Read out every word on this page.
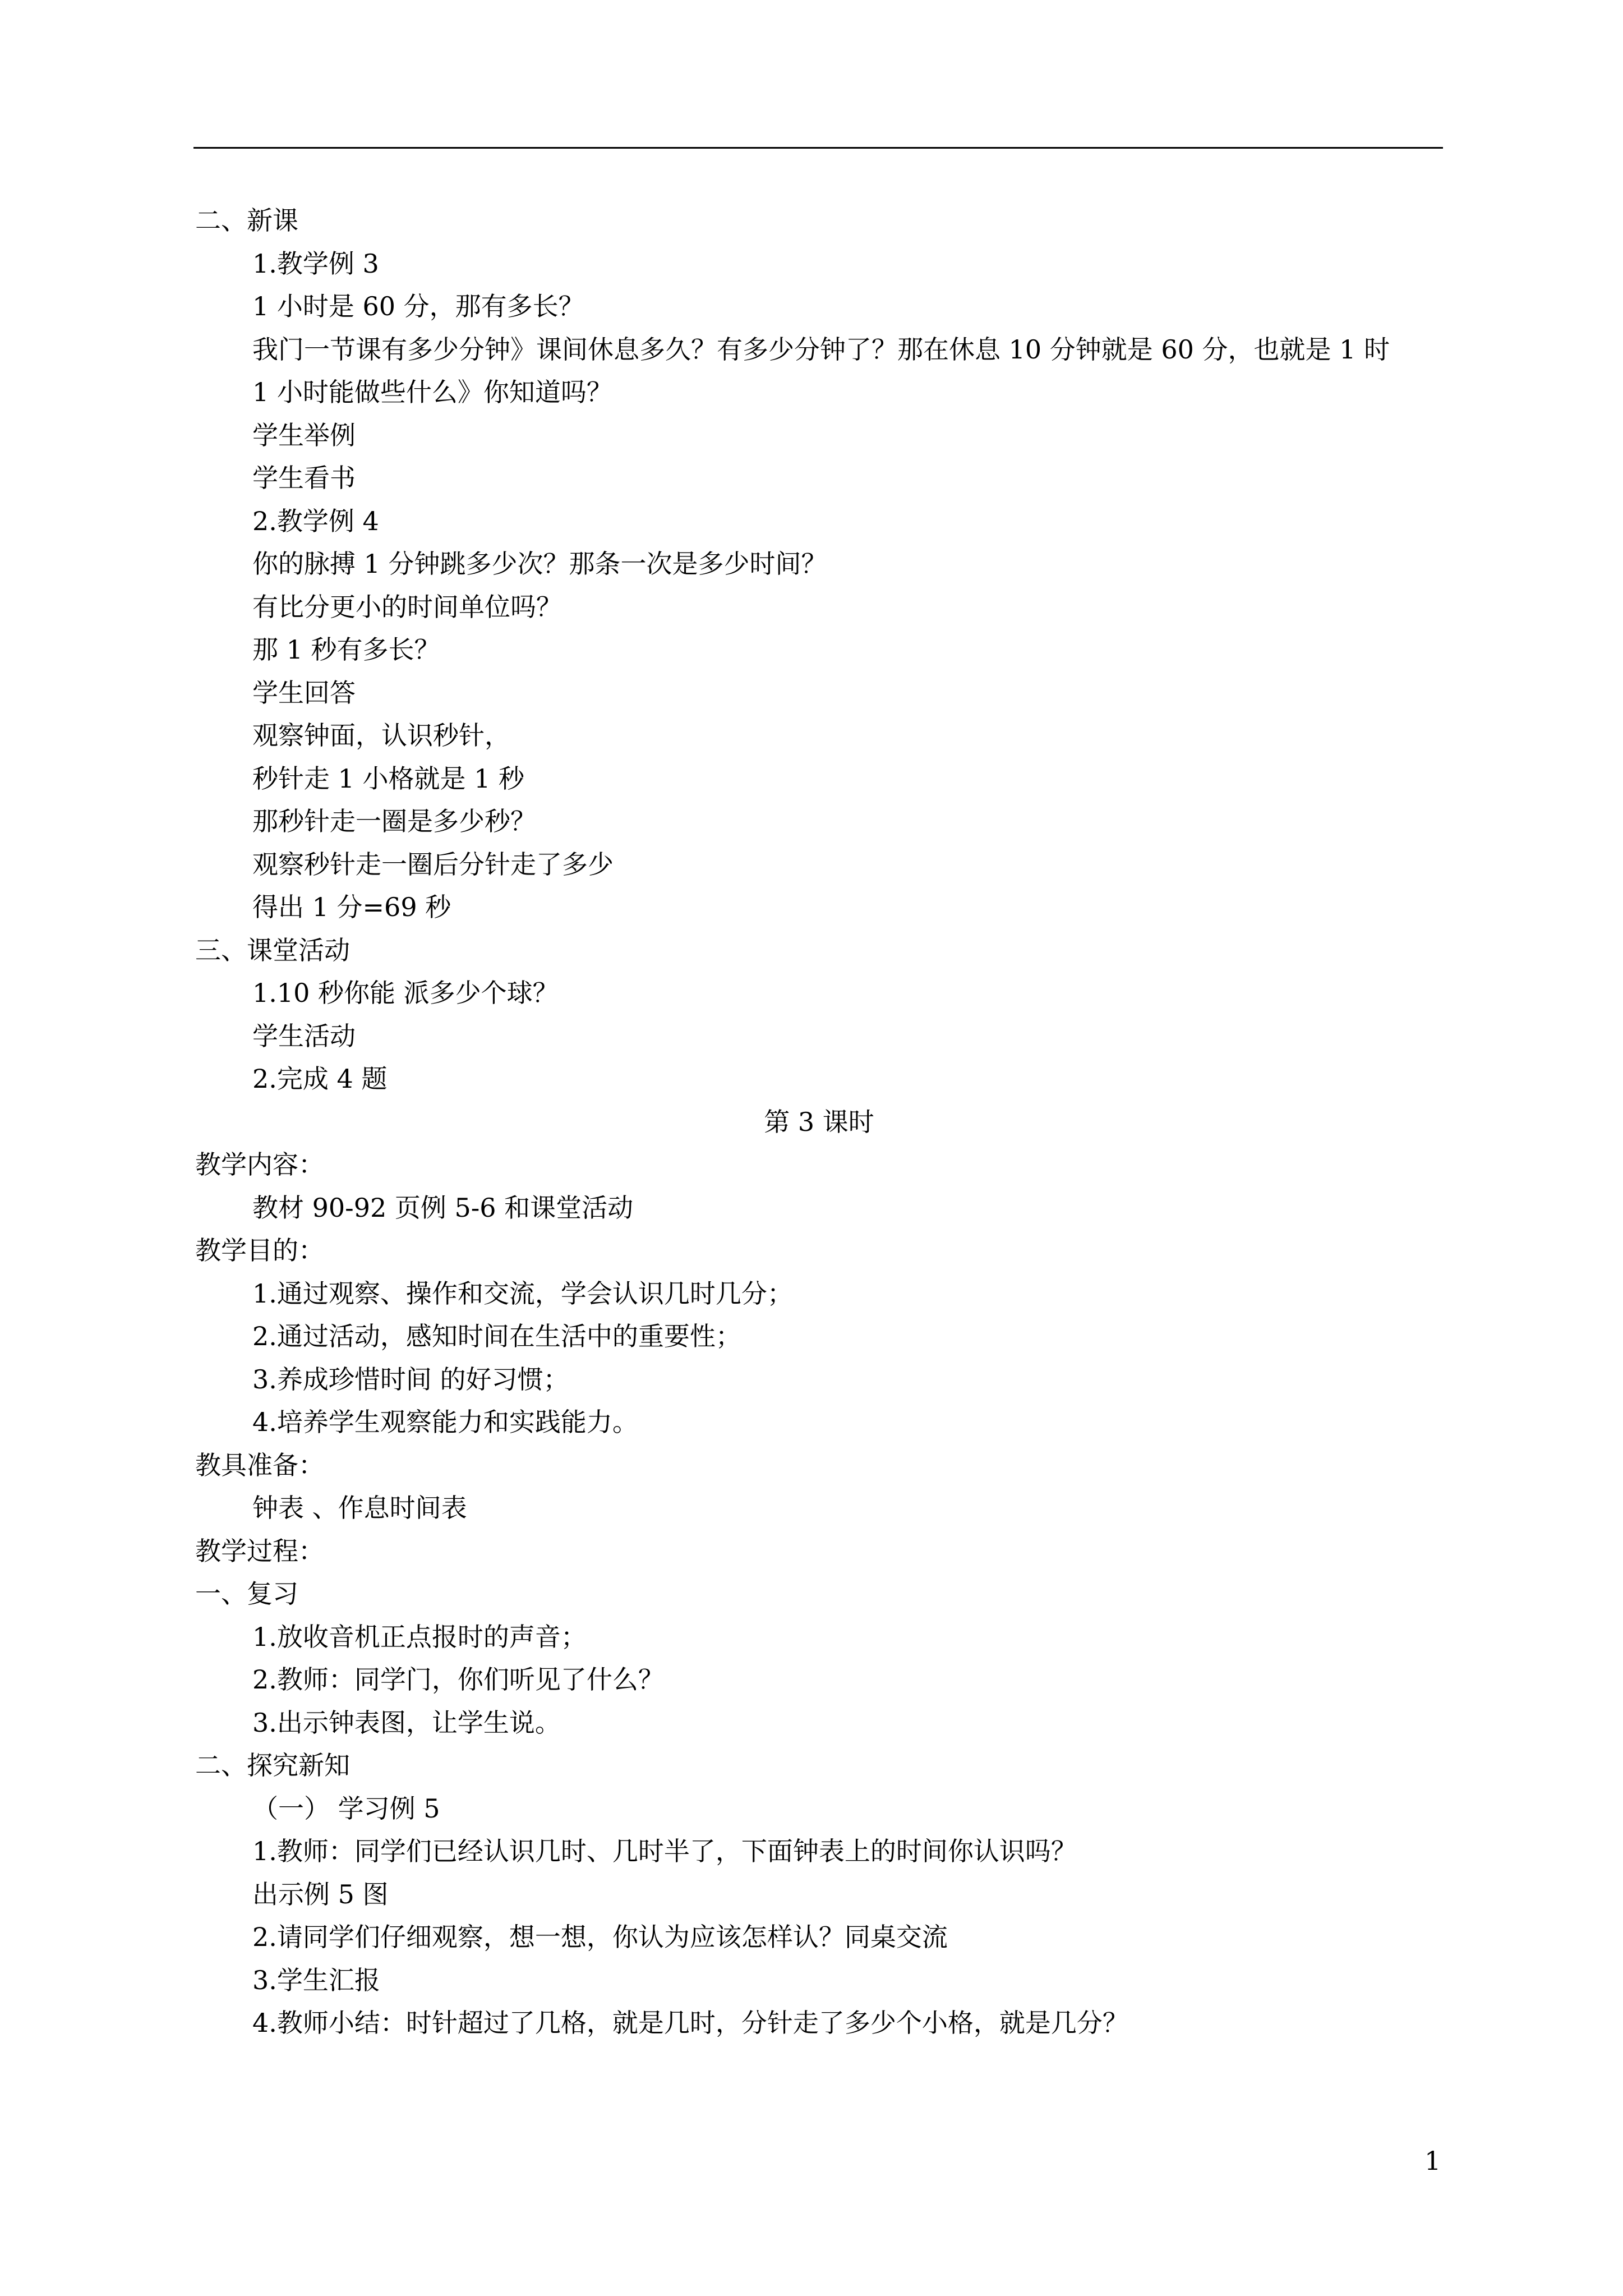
二、新课
1.教学例 3
1 小时是 60 分，那有多长？
我门一节课有多少分钟》课间休息多久？有多少分钟了？那在休息 10 分钟就是 60 分，也就是 1 时
1 小时能做些什么》你知道吗？
学生举例
学生看书
2.教学例 4
你的脉搏 1 分钟跳多少次？那条一次是多少时间？
有比分更小的时间单位吗？
那 1 秒有多长？
学生回答
观察钟面，认识秒针，
秒针走 1 小格就是 1 秒
那秒针走一圈是多少秒？
观察秒针走一圈后分针走了多少
得出 1 分=69 秒
三、课堂活动
1.10 秒你能 派多少个球？
学生活动
2.完成 4 题
第 3 课时
教学内容：
教材 90-92 页例 5-6 和课堂活动
教学目的：
1.通过观察、操作和交流，学会认识几时几分；
2.通过活动，感知时间在生活中的重要性；
3.养成珍惜时间 的好习惯；
4.培养学生观察能力和实践能力。
教具准备：
钟表 、作息时间表
教学过程：
一、复习
1.放收音机正点报时的声音；
2.教师：同学门，你们听见了什么？
3.出示钟表图，让学生说。
二、探究新知
（一） 学习例 5
1.教师：同学们已经认识几时、几时半了，下面钟表上的时间你认识吗？
出示例 5 图
2.请同学们仔细观察，想一想，你认为应该怎样认？同桌交流
3.学生汇报
4.教师小结：时针超过了几格，就是几时，分针走了多少个小格，就是几分？
1
